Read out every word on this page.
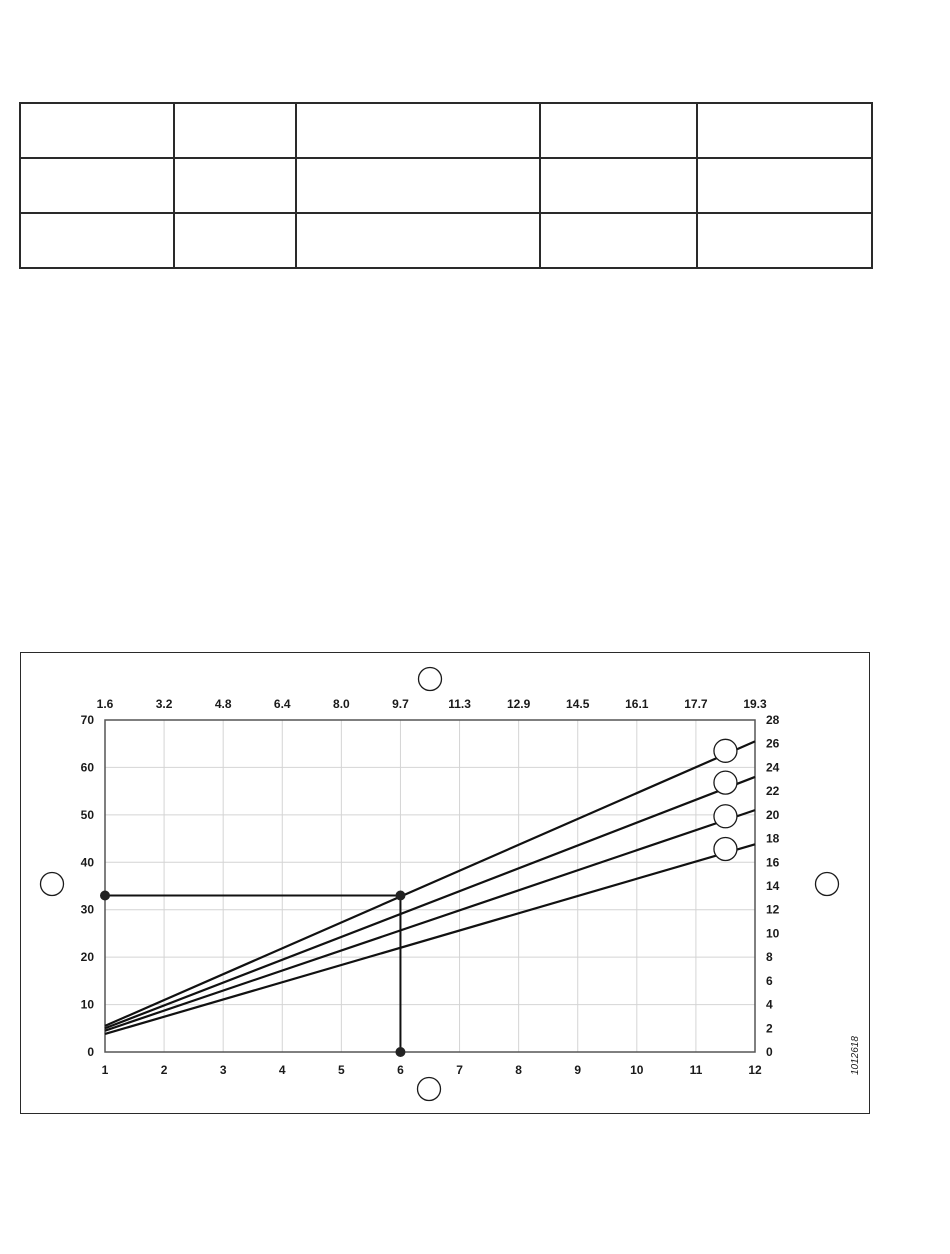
1012618
1	2	3	4	5	6	7	8	9	10	11	12
1.6	3.2	4.8	6.4	8.0	9.7	11.3	12.9	14.5	16.1	17.7	19.3
0
10
20
30
40
50
60
70
0
2
4
6
8
10
12
14
16
18
20
22
24
26
28
